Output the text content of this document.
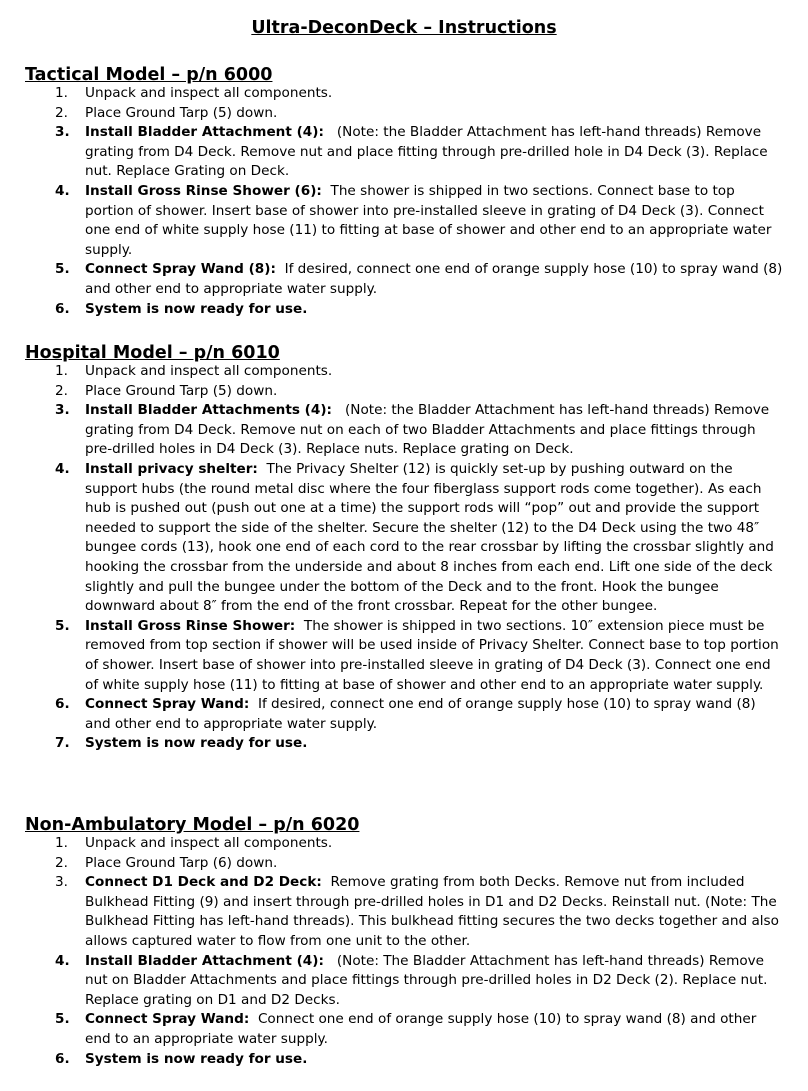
Ultra-DeconDeck – Instructions
Tactical Model – p/n 6000
1. Unpack and inspect all components.
2. Place Ground Tarp (5) down.
3. Install Bladder Attachment (4): (Note: the Bladder Attachment has left-hand threads) Remove grating from D4 Deck. Remove nut and place fitting through pre-drilled hole in D4 Deck (3). Replace nut. Replace Grating on Deck.
4. Install Gross Rinse Shower (6): The shower is shipped in two sections. Connect base to top portion of shower. Insert base of shower into pre-installed sleeve in grating of D4 Deck (3). Connect one end of white supply hose (11) to fitting at base of shower and other end to an appropriate water supply.
5. Connect Spray Wand (8): If desired, connect one end of orange supply hose (10) to spray wand (8) and other end to appropriate water supply.
6. System is now ready for use.
Hospital Model – p/n 6010
1. Unpack and inspect all components.
2. Place Ground Tarp (5) down.
3. Install Bladder Attachments (4): (Note: the Bladder Attachment has left-hand threads) Remove grating from D4 Deck. Remove nut on each of two Bladder Attachments and place fittings through pre-drilled holes in D4 Deck (3). Replace nuts. Replace grating on Deck.
4. Install privacy shelter: The Privacy Shelter (12) is quickly set-up by pushing outward on the support hubs (the round metal disc where the four fiberglass support rods come together). As each hub is pushed out (push out one at a time) the support rods will “pop” out and provide the support needed to support the side of the shelter. Secure the shelter (12) to the D4 Deck using the two 48″ bungee cords (13), hook one end of each cord to the rear crossbar by lifting the crossbar slightly and hooking the crossbar from the underside and about 8 inches from each end. Lift one side of the deck slightly and pull the bungee under the bottom of the Deck and to the front. Hook the bungee downward about 8″ from the end of the front crossbar. Repeat for the other bungee.
5. Install Gross Rinse Shower: The shower is shipped in two sections. 10″ extension piece must be removed from top section if shower will be used inside of Privacy Shelter. Connect base to top portion of shower. Insert base of shower into pre-installed sleeve in grating of D4 Deck (3). Connect one end of white supply hose (11) to fitting at base of shower and other end to an appropriate water supply.
6. Connect Spray Wand: If desired, connect one end of orange supply hose (10) to spray wand (8) and other end to appropriate water supply.
7. System is now ready for use.
Non-Ambulatory Model – p/n 6020
1. Unpack and inspect all components.
2. Place Ground Tarp (6) down.
3. Connect D1 Deck and D2 Deck: Remove grating from both Decks. Remove nut from included Bulkhead Fitting (9) and insert through pre-drilled holes in D1 and D2 Decks. Reinstall nut. (Note: The Bulkhead Fitting has left-hand threads). This bulkhead fitting secures the two decks together and also allows captured water to flow from one unit to the other.
4. Install Bladder Attachment (4): (Note: The Bladder Attachment has left-hand threads) Remove nut on Bladder Attachments and place fittings through pre-drilled holes in D2 Deck (2). Replace nut. Replace grating on D1 and D2 Decks.
5. Connect Spray Wand: Connect one end of orange supply hose (10) to spray wand (8) and other end to an appropriate water supply.
6. System is now ready for use.
